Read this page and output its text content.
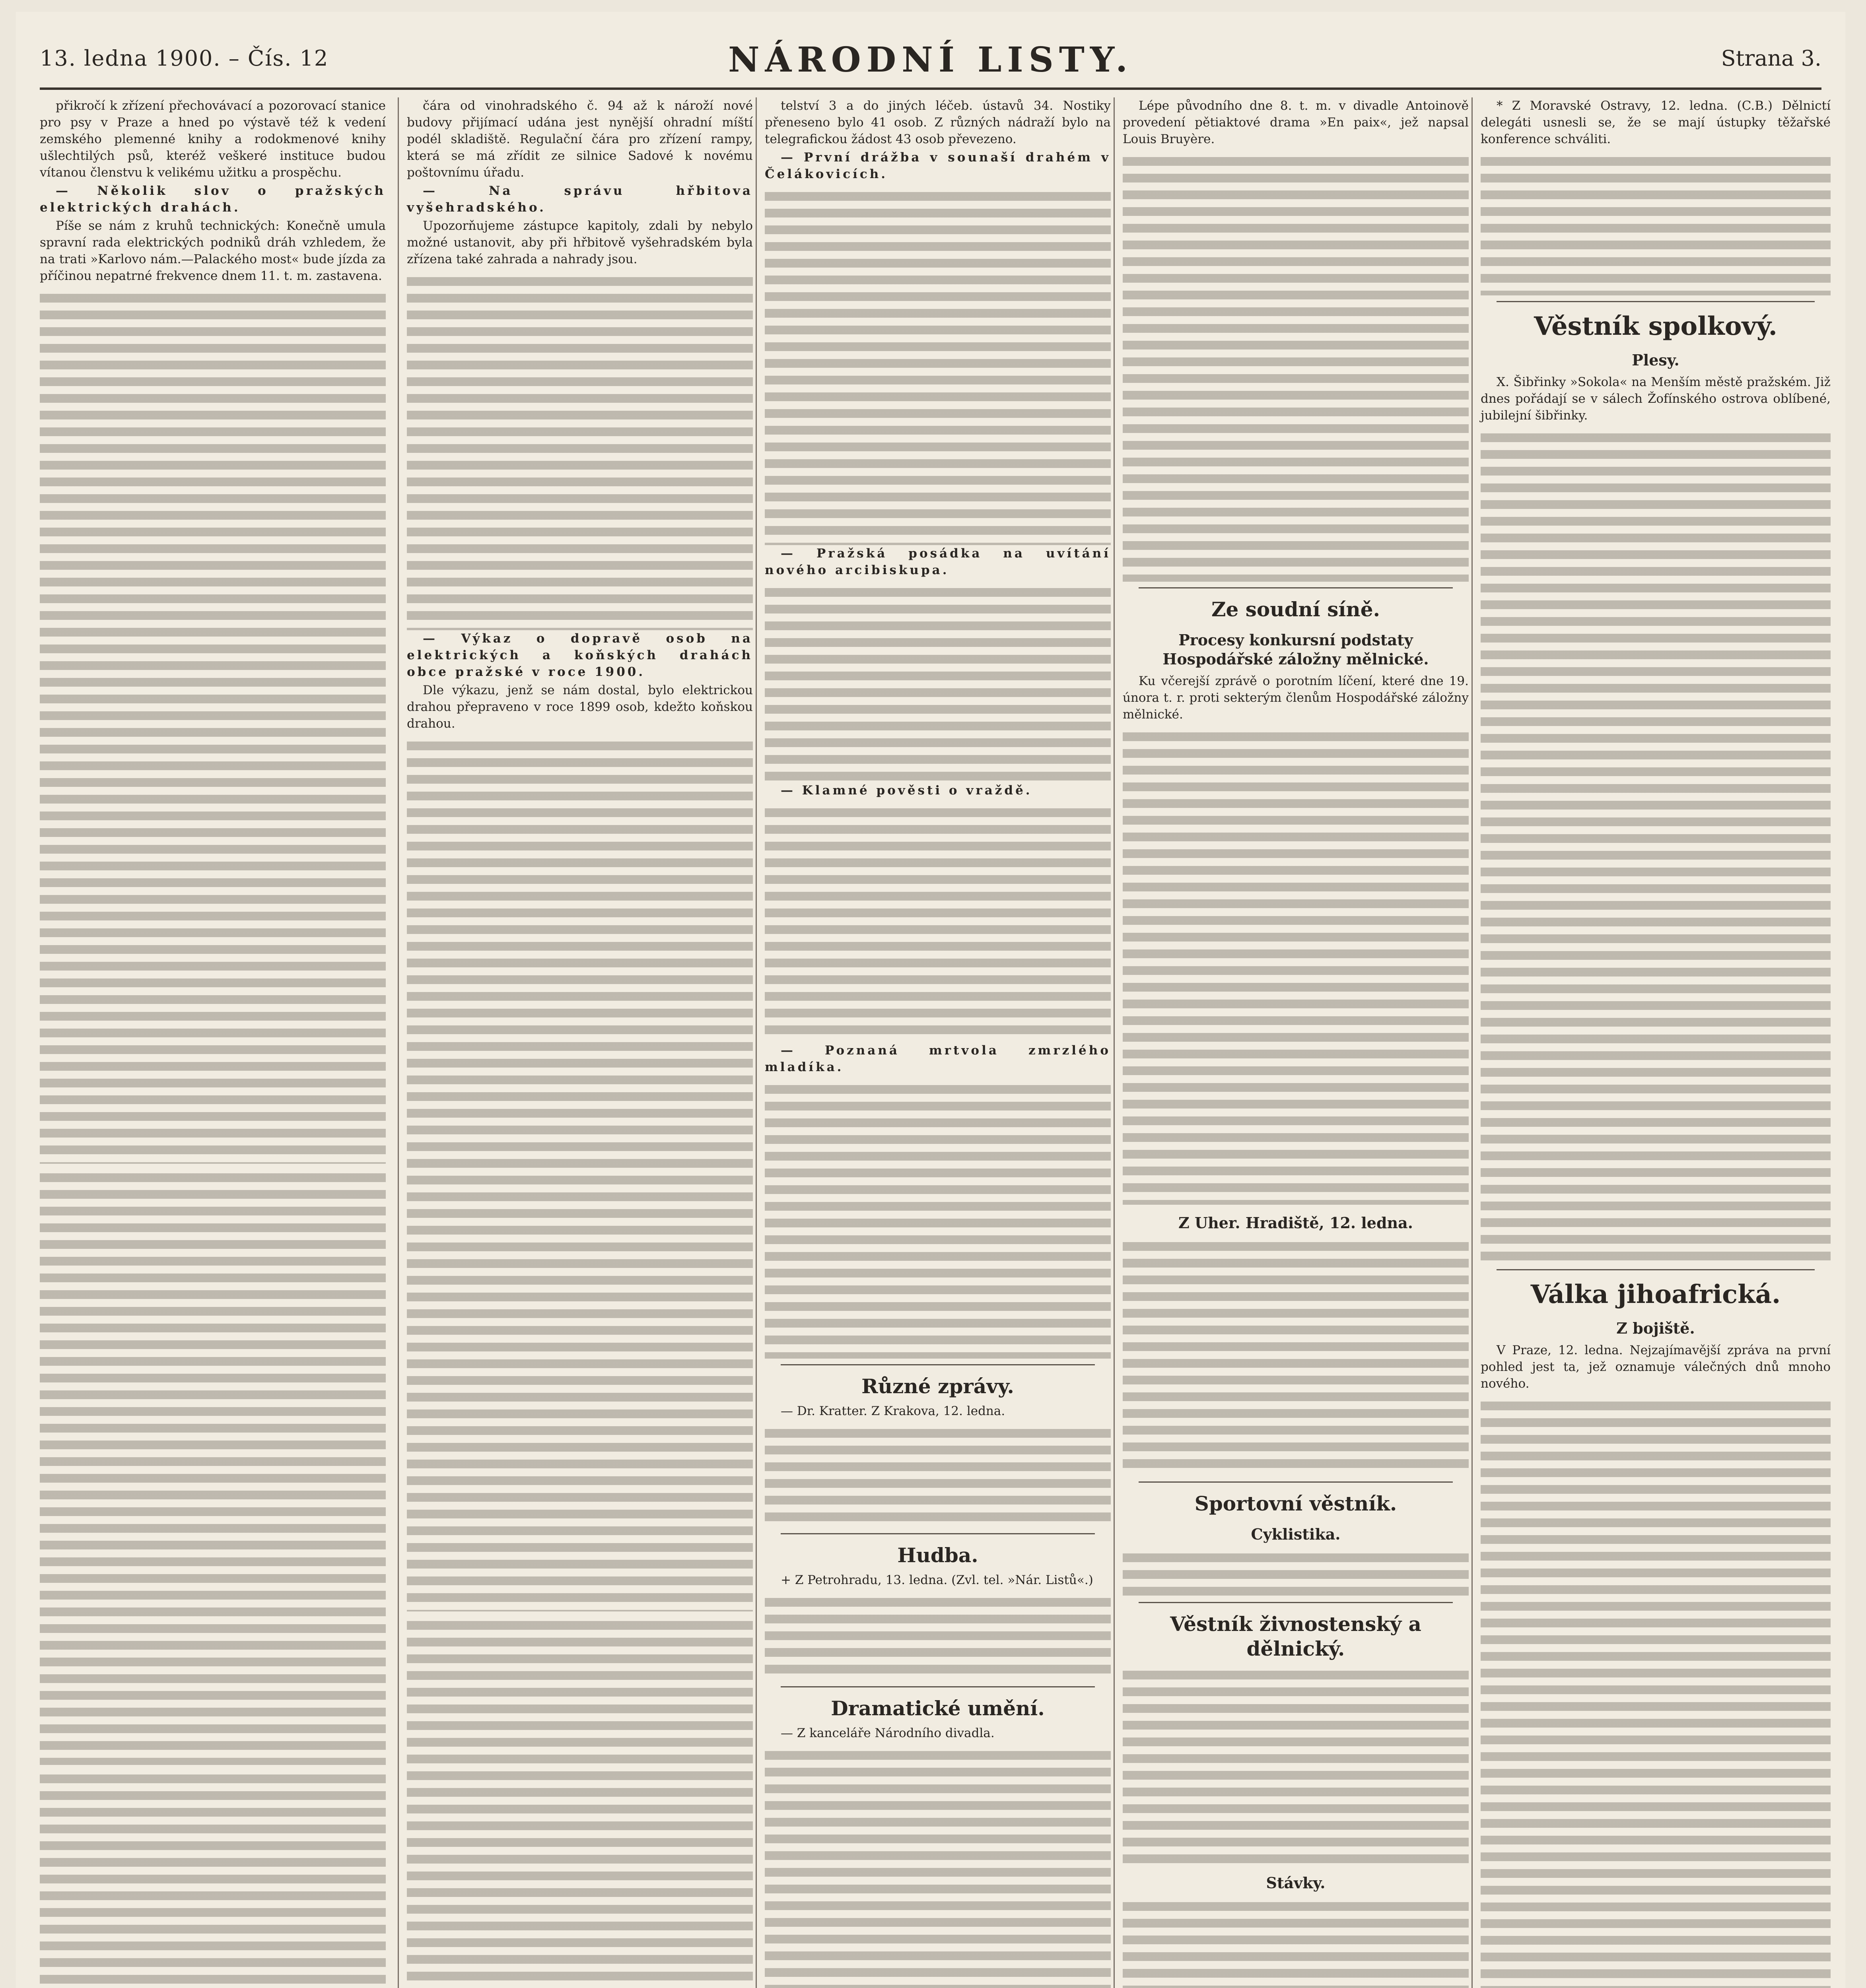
13. ledna 1900. – Čís. 12	NÁRODNÍ LISTY.	Strana 3.

přikročí k zřízení přechovávací a pozorovací stanice pro psy v Praze a hned po výstavě též k vedení zemského plemenné knihy a rodokmenové knihy ušlechtilých psů, kteréž veškeré instituce budou vítanou členstvu k velikému užitku a prospěchu.

— Několik slov o pražských elektrických drahách.

Píše se nám z kruhů technických: Konečně umula spravní rada elektrických podniků dráh vzhledem, že na trati »Karlovo nám.—Palackého most« bude jízda za příčinou nepatrné frekvence dnem 11. t. m. zastavena.

čára od vinohradského č. 94 až k nároží nové budovy přijímací udána jest nynější ohradní míští podél skladiště. Regulační čára pro zřízení rampy, která se má zřídit ze silnice Sadové k novému poštovnímu úřadu.

— Na správu hřbitova vyšehradského.

Upozorňujeme zástupce kapitoly, zdali by nebylo možné ustanovit, aby při hřbitově vyšehradském byla zřízena také zahrada a nahrady jsou.

— Výkaz o dopravě osob na elektrických a koňských drahách obce pražské v roce 1900.

Dle výkazu, jenž se nám dostal, bylo elektrickou drahou přepraveno v roce 1899 osob, kdežto koňskou drahou.

telství 3 a do jiných léčeb. ústavů 34. Nostiky přeneseno bylo 41 osob. Z různých nádraží bylo na telegrafickou žádost 43 osob převezeno.

— První drážba v sounaší drahém v Čelákovicích.

— Pražská posádka na uvítání nového arcibiskupa.

— Klamné pověsti o vraždě.

— Poznaná mrtvola zmrzlého mladíka.

Různé zprávy.

— Dr. Kratter. Z Krakova, 12. ledna.

Hudba.

+ Z Petrohradu, 13. ledna. (Zvl. tel. »Nár. Listů«.)

Dramatické umění.

— Z kanceláře Národního divadla.

Lépe původního dne 8. t. m. v divadle Antoinově provedení pětiaktové drama »En paix«, jež napsal Louis Bruyère.

Ze soudní síně.
Procesy konkursní podstaty Hospodářské záložny mělnické.

Ku včerejší zprávě o porotním líčení, které dne 19. února t. r. proti sekterým členům Hospodářské záložny mělnické.

Z Uher. Hradiště, 12. ledna.
Sportovní věstník.
Cyklistika.
Věstník živnostenský a dělnický.
Stávky.

* Z Moravské Ostravy, 12. ledna. (C.B.) Dělnictí delegáti usnesli se, že se mají ústupky těžařské konference schváliti.

Věstník spolkový.
Plesy.

X. Šibřinky »Sokola« na Menším městě pražském. Již dnes pořádají se v sálech Žofínského ostrova oblíbené, jubilejní šibřinky.

Válka jihoafrická.
Z bojiště.

V Praze, 12. ledna. Nejzajímavější zpráva na první pohled jest ta, jež oznamuje válečných dnů mnoho nového.
